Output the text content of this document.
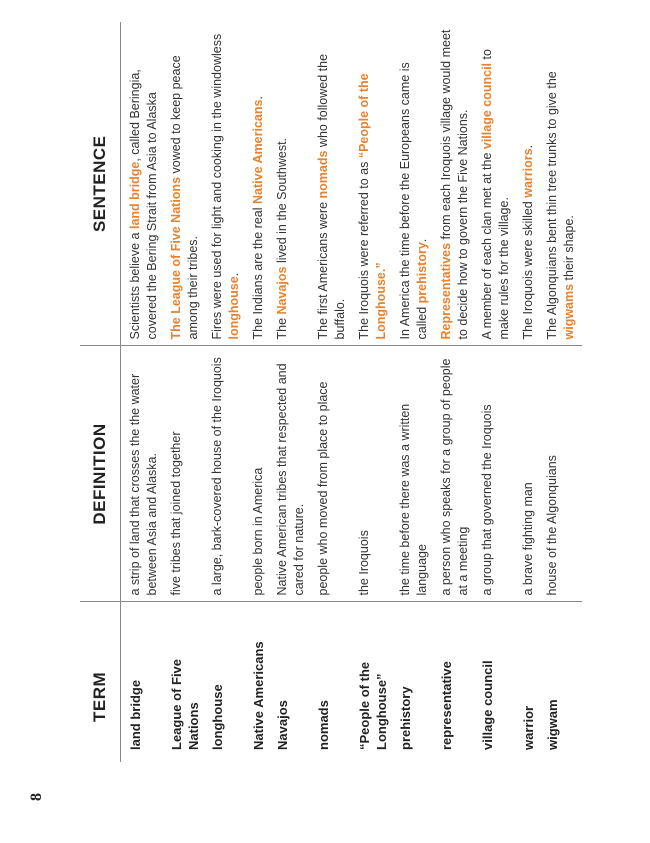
8
TERM	DEFINITION	SENTENCE
land bridge	a strip of land that crosses the the water between Asia and Alaska.	Scientists believe a land bridge, called Beringia, covered the Bering Strait from Asia to Alaska
League of Five Nations	five tribes that joined together	The League of Five Nations vowed to keep peace among their tribes.
longhouse	a large, bark-covered house of the Iroquois	Fires were used for light and cooking in the windowless longhouse.
Native Americans	people born in America	The Indians are the real Native Americans.
Navajos	Native American tribes that respected and cared for nature.	The Navajos lived in the Southwest.
nomads	people who moved from place to place	The first Americans were nomads who followed the buffalo.
“People of the Longhouse”	the Iroquois	The Iroquois were referred to as “People of the Longhouse.”
prehistory	the time before there was a written language	In America the time before the Europeans came is called prehistory.
representative	a person who speaks for a group of people at a meeting	Representatives from each Iroquois village would meet to decide how to govern the Five Nations.
village council	a group that governed the Iroquois	A member of each clan met at the village council to make rules for the village.
warrior	a brave fighting man	The Iroquois were skilled warriors.
wigwam	house of the Algonquians	The Algonquians bent thin tree trunks to give the wigwams their shape.
